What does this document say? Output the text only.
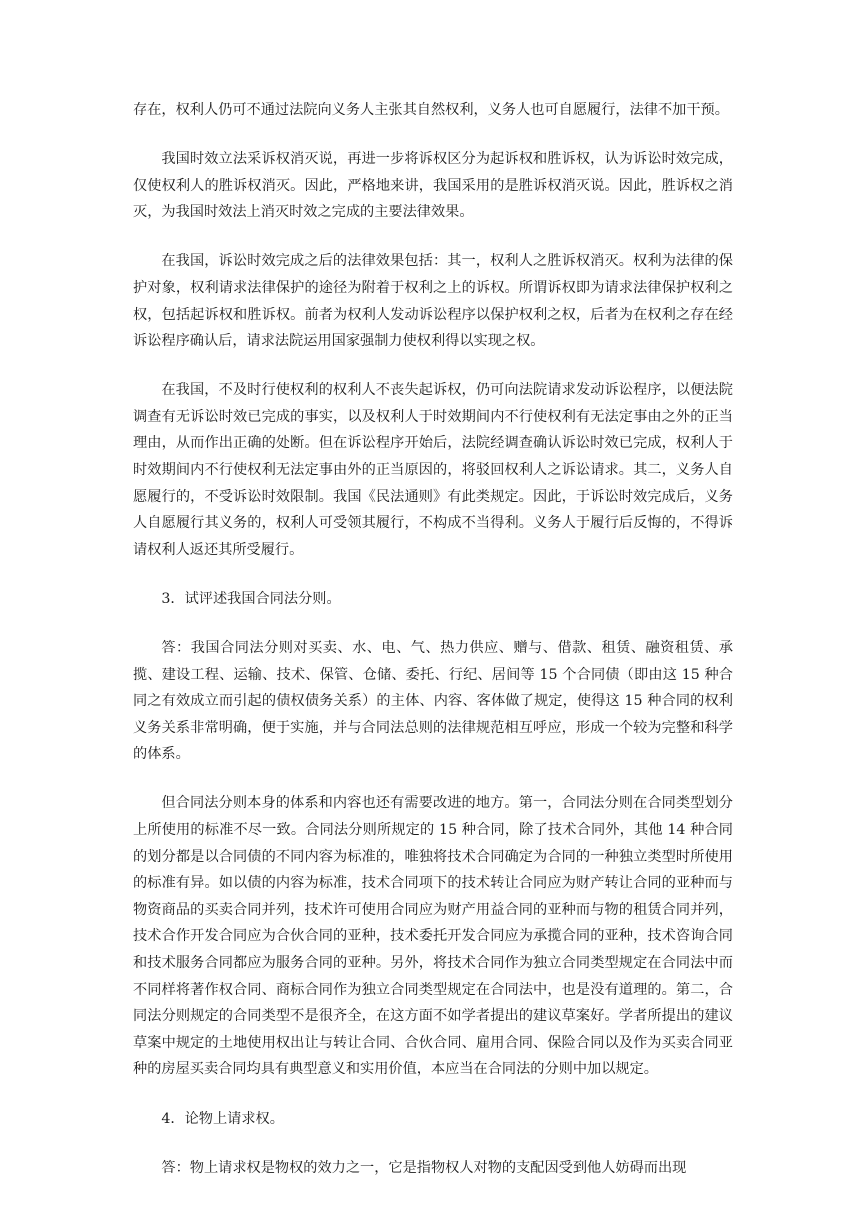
存在，权利人仍可不通过法院向义务人主张其自然权利，义务人也可自愿履行，法律不加干预。

我国时效立法采诉权消灭说，再进一步将诉权区分为起诉权和胜诉权，认为诉讼时效完成，仅使权利人的胜诉权消灭。因此，严格地来讲，我国采用的是胜诉权消灭说。因此，胜诉权之消灭，为我国时效法上消灭时效之完成的主要法律效果。

在我国，诉讼时效完成之后的法律效果包括：其一，权利人之胜诉权消灭。权利为法律的保护对象，权利请求法律保护的途径为附着于权利之上的诉权。所谓诉权即为请求法律保护权利之权，包括起诉权和胜诉权。前者为权利人发动诉讼程序以保护权利之权，后者为在权利之存在经诉讼程序确认后，请求法院运用国家强制力使权利得以实现之权。

在我国，不及时行使权利的权利人不丧失起诉权，仍可向法院请求发动诉讼程序，以便法院调查有无诉讼时效已完成的事实，以及权利人于时效期间内不行使权利有无法定事由之外的正当理由，从而作出正确的处断。但在诉讼程序开始后，法院经调查确认诉讼时效已完成，权利人于时效期间内不行使权利无法定事由外的正当原因的，将驳回权利人之诉讼请求。其二，义务人自愿履行的，不受诉讼时效限制。我国《民法通则》有此类规定。因此，于诉讼时效完成后，义务人自愿履行其义务的，权利人可受领其履行，不构成不当得利。义务人于履行后反悔的，不得诉请权利人返还其所受履行。

3．试评述我国合同法分则。

答：我国合同法分则对买卖、水、电、气、热力供应、赠与、借款、租赁、融资租赁、承揽、建设工程、运输、技术、保管、仓储、委托、行纪、居间等 15 个合同债（即由这 15 种合同之有效成立而引起的债权债务关系）的主体、内容、客体做了规定，使得这 15 种合同的权利义务关系非常明确，便于实施，并与合同法总则的法律规范相互呼应，形成一个较为完整和科学的体系。

但合同法分则本身的体系和内容也还有需要改进的地方。第一，合同法分则在合同类型划分上所使用的标准不尽一致。合同法分则所规定的 15 种合同，除了技术合同外，其他 14 种合同的划分都是以合同债的不同内容为标准的，唯独将技术合同确定为合同的一种独立类型时所使用的标准有异。如以债的内容为标准，技术合同项下的技术转让合同应为财产转让合同的亚种而与物资商品的买卖合同并列，技术许可使用合同应为财产用益合同的亚种而与物的租赁合同并列，技术合作开发合同应为合伙合同的亚种，技术委托开发合同应为承揽合同的亚种，技术咨询合同和技术服务合同都应为服务合同的亚种。另外，将技术合同作为独立合同类型规定在合同法中而不同样将著作权合同、商标合同作为独立合同类型规定在合同法中，也是没有道理的。第二，合同法分则规定的合同类型不是很齐全，在这方面不如学者提出的建议草案好。学者所提出的建议草案中规定的土地使用权出让与转让合同、合伙合同、雇用合同、保险合同以及作为买卖合同亚种的房屋买卖合同均具有典型意义和实用价值，本应当在合同法的分则中加以规定。

4．论物上请求权。

答：物上请求权是物权的效力之一，它是指物权人对物的支配因受到他人妨碍而出现
